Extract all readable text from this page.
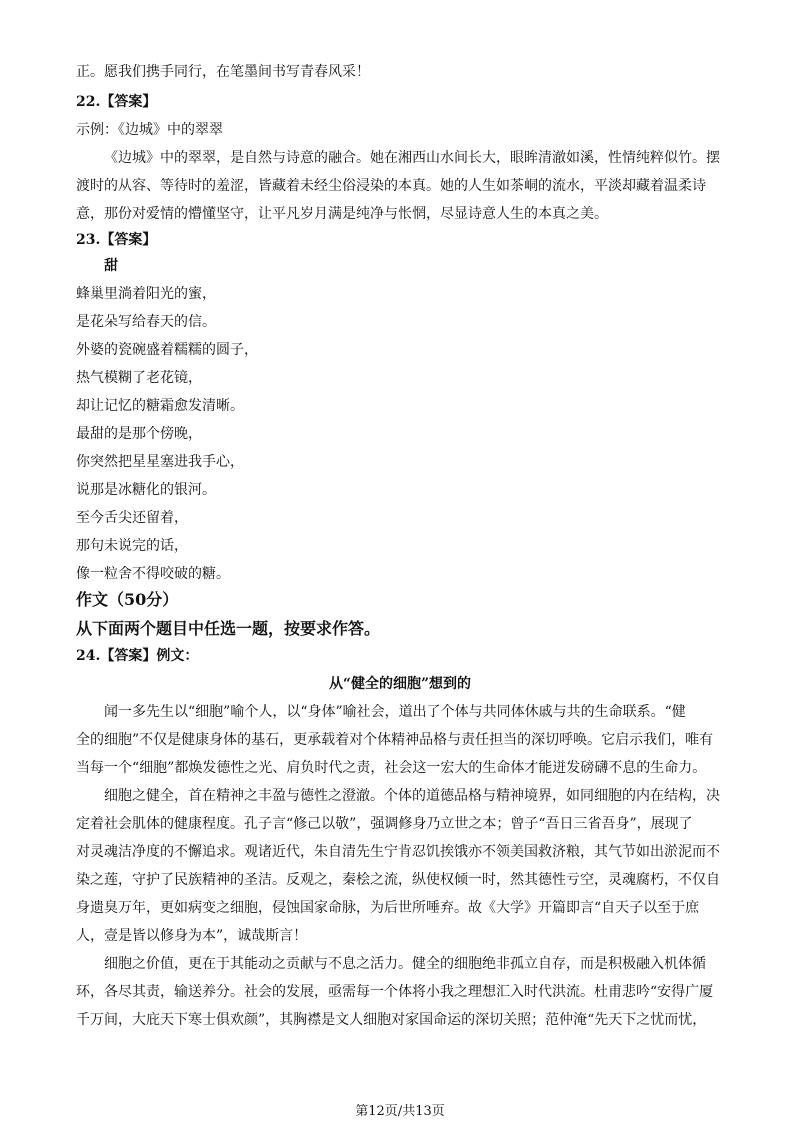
正。愿我们携手同行，在笔墨间书写青春风采！
22.【答案】
示例：《边城》中的翠翠
《边城》中的翠翠，是自然与诗意的融合。她在湘西山水间长大，眼眸清澈如溪，性情纯粹似竹。摆
渡时的从容、等待时的羞涩，皆藏着未经尘俗浸染的本真。她的人生如茶峒的流水，平淡却藏着温柔诗
意，那份对爱情的懵懂坚守，让平凡岁月满是纯净与怅惘，尽显诗意人生的本真之美。
23.【答案】
甜
蜂巢里淌着阳光的蜜，
是花朵写给春天的信。
外婆的瓷碗盛着糯糯的圆子，
热气模糊了老花镜，
却让记忆的糖霜愈发清晰。
最甜的是那个傍晚，
你突然把星星塞进我手心，
说那是冰糖化的银河。
至今舌尖还留着，
那句未说完的话，
像一粒舍不得咬破的糖。
作文（50分）
从下面两个题目中任选一题，按要求作答。
24.【答案】例文：
从“健全的细胞”想到的
闻一多先生以“细胞”喻个人，以“身体”喻社会，道出了个体与共同体休戚与共的生命联系。“健
全的细胞”不仅是健康身体的基石，更承载着对个体精神品格与责任担当的深切呼唤。它启示我们，唯有
当每一个“细胞”都焕发德性之光、肩负时代之责，社会这一宏大的生命体才能迸发磅礴不息的生命力。
细胞之健全，首在精神之丰盈与德性之澄澈。个体的道德品格与精神境界，如同细胞的内在结构，决
定着社会肌体的健康程度。孔子言“修己以敬”，强调修身乃立世之本；曾子“吾日三省吾身”，展现了
对灵魂洁净度的不懈追求。观诸近代，朱自清先生宁肯忍饥挨饿亦不领美国救济粮，其气节如出淤泥而不
染之莲，守护了民族精神的圣洁。反观之，秦桧之流，纵使权倾一时，然其德性亏空，灵魂腐朽，不仅自
身遗臭万年，更如病变之细胞，侵蚀国家命脉，为后世所唾弃。故《大学》开篇即言“自天子以至于庶
人，壹是皆以修身为本”，诚哉斯言！
细胞之价值，更在于其能动之贡献与不息之活力。健全的细胞绝非孤立自存，而是积极融入机体循
环，各尽其责，输送养分。社会的发展，亟需每一个体将小我之理想汇入时代洪流。杜甫悲吟“安得广厦
千万间，大庇天下寒士俱欢颜”，其胸襟是文人细胞对家国命运的深切关照；范仲淹“先天下之忧而忧，
第12页/共13页
